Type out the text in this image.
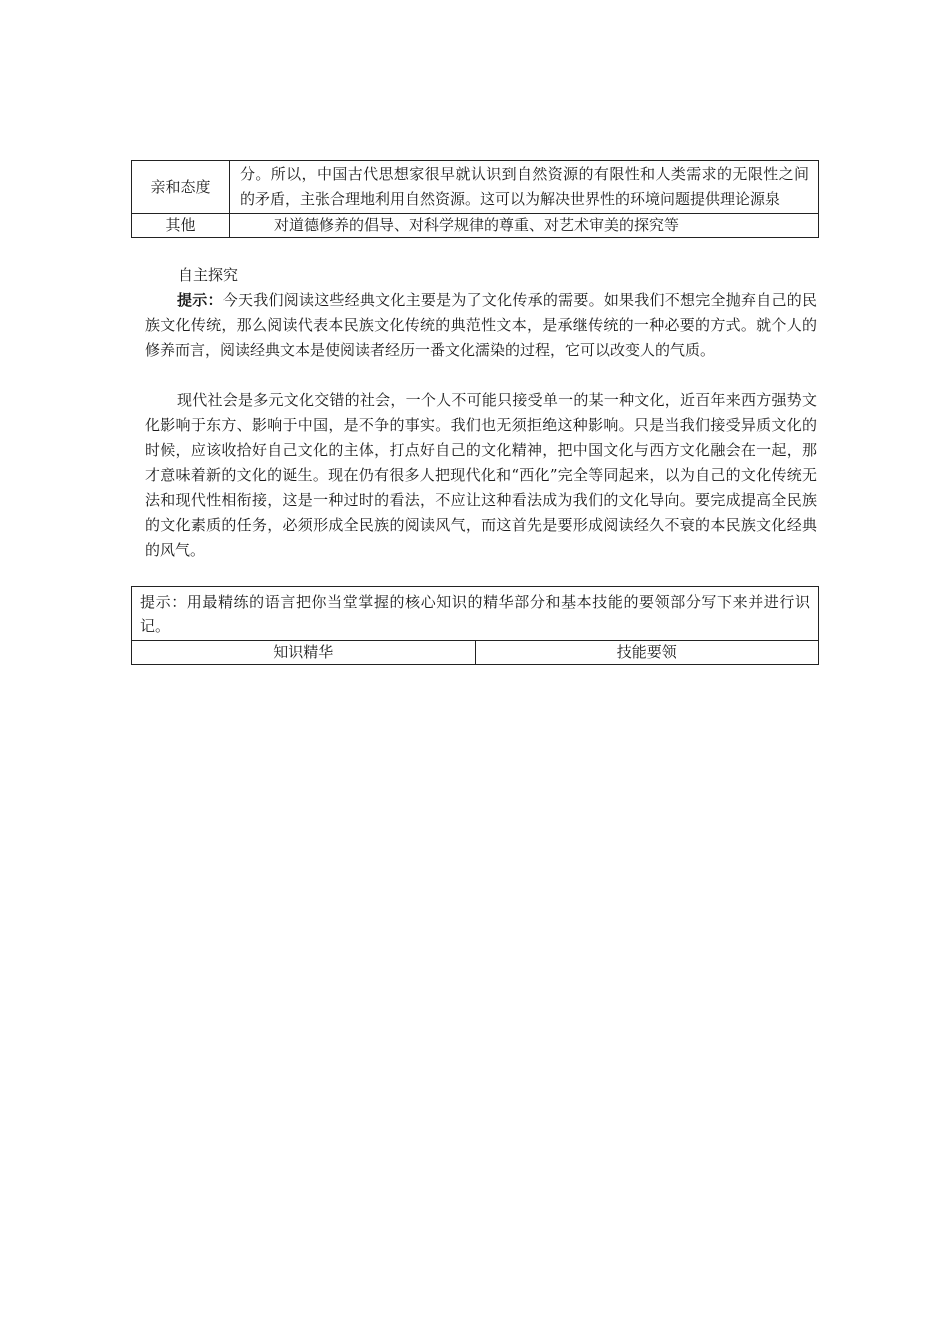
亲和态度	分。所以，中国古代思想家很早就认识到自然资源的有限性和人类需求的无限性之间的矛盾，主张合理地利用自然资源。这可以为解决世界性的环境问题提供理论源泉
其他	对道德修养的倡导、对科学规律的尊重、对艺术审美的探究等
自主探究

提示：今天我们阅读这些经典文化主要是为了文化传承的需要。如果我们不想完全抛弃自己的民族文化传统，那么阅读代表本民族文化传统的典范性文本，是承继传统的一种必要的方式。就个人的修养而言，阅读经典文本是使阅读者经历一番文化濡染的过程，它可以改变人的气质。

现代社会是多元文化交错的社会，一个人不可能只接受单一的某一种文化，近百年来西方强势文化影响于东方、影响于中国，是不争的事实。我们也无须拒绝这种影响。只是当我们接受异质文化的时候，应该收拾好自己文化的主体，打点好自己的文化精神，把中国文化与西方文化融会在一起，那才意味着新的文化的诞生。现在仍有很多人把现代化和“西化”完全等同起来，以为自己的文化传统无法和现代性相衔接，这是一种过时的看法，不应让这种看法成为我们的文化导向。要完成提高全民族的文化素质的任务，必须形成全民族的阅读风气，而这首先是要形成阅读经久不衰的本民族文化经典的风气。

提示：用最精练的语言把你当堂掌握的核心知识的精华部分和基本技能的要领部分写下来并进行识记。
知识精华	技能要领
